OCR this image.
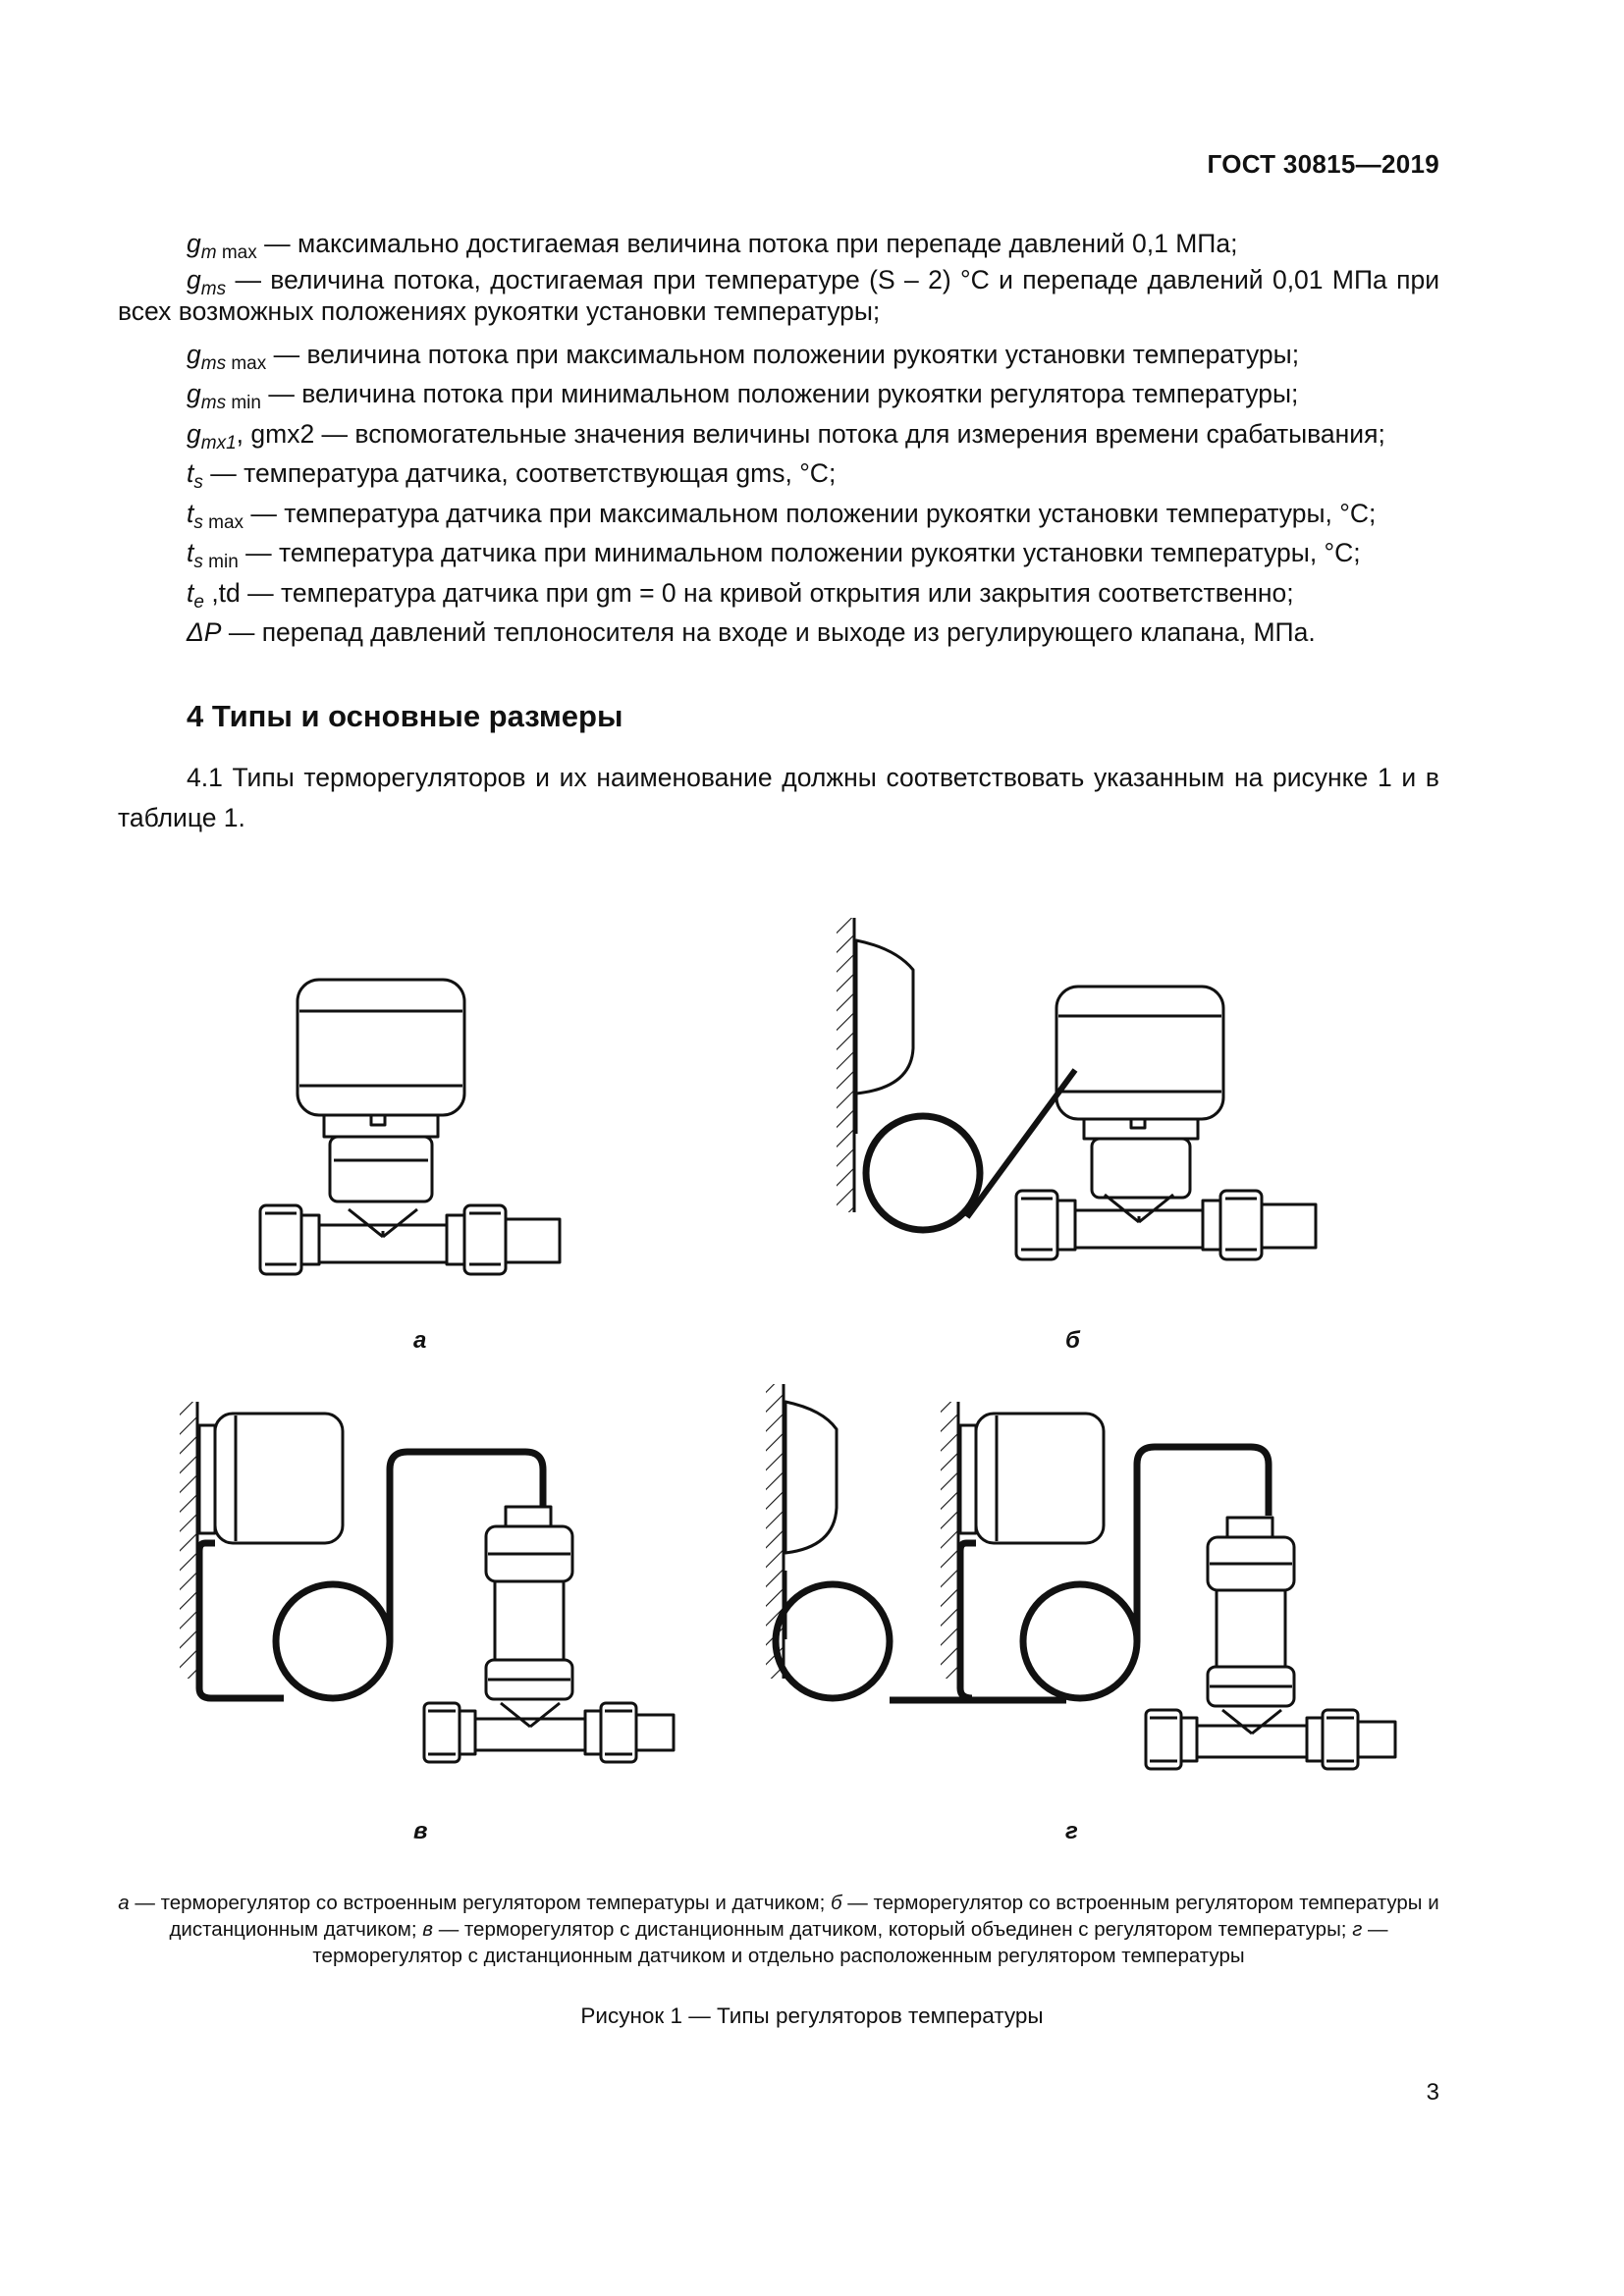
ГОСТ 30815—2019
$g_{m max}$ — максимально достигаемая величина потока при перепаде давлений 0,1 МПа;
$g_{ms}$ — величина потока, достигаемая при температуре (S – 2) °С и перепаде давлений 0,01 МПа при всех возможных положениях рукоятки установки температуры;
$g_{ms max}$ — величина потока при максимальном положении рукоятки установки температуры;
$g_{ms min}$ — величина потока при минимальном положении рукоятки регулятора температуры;
$g_{mx1}$, gmx2 — вспомогательные значения величины потока для измерения времени срабатывания;
$t_s$ — температура датчика, соответствующая gms, °С;
$t_{s max}$ — температура датчика при максимальном положении рукоятки установки температуры, °С;
$t_{s min}$ — температура датчика при минимальном положении рукоятки установки температуры, °С;
$t_e$ ,td — температура датчика при gm = 0 на кривой открытия или закрытия соответственно;
ΔP — перепад давлений теплоносителя на входе и выходе из регулирующего клапана, МПа.
4 Типы и основные размеры
4.1 Типы терморегуляторов и их наименование должны соответствовать указанным на рисунке 1 и в таблице 1.
а	б
в	г
а — терморегулятор со встроенным регулятором температуры и датчиком; б — терморегулятор со встроенным регулятором температуры и дистанционным датчиком; в — терморегулятор с дистанционным датчиком, который объединен с регулятором температуры; г — терморегулятор с дистанционным датчиком и отдельно расположенным регулятором температуры
Рисунок 1 — Типы регуляторов температуры
3
